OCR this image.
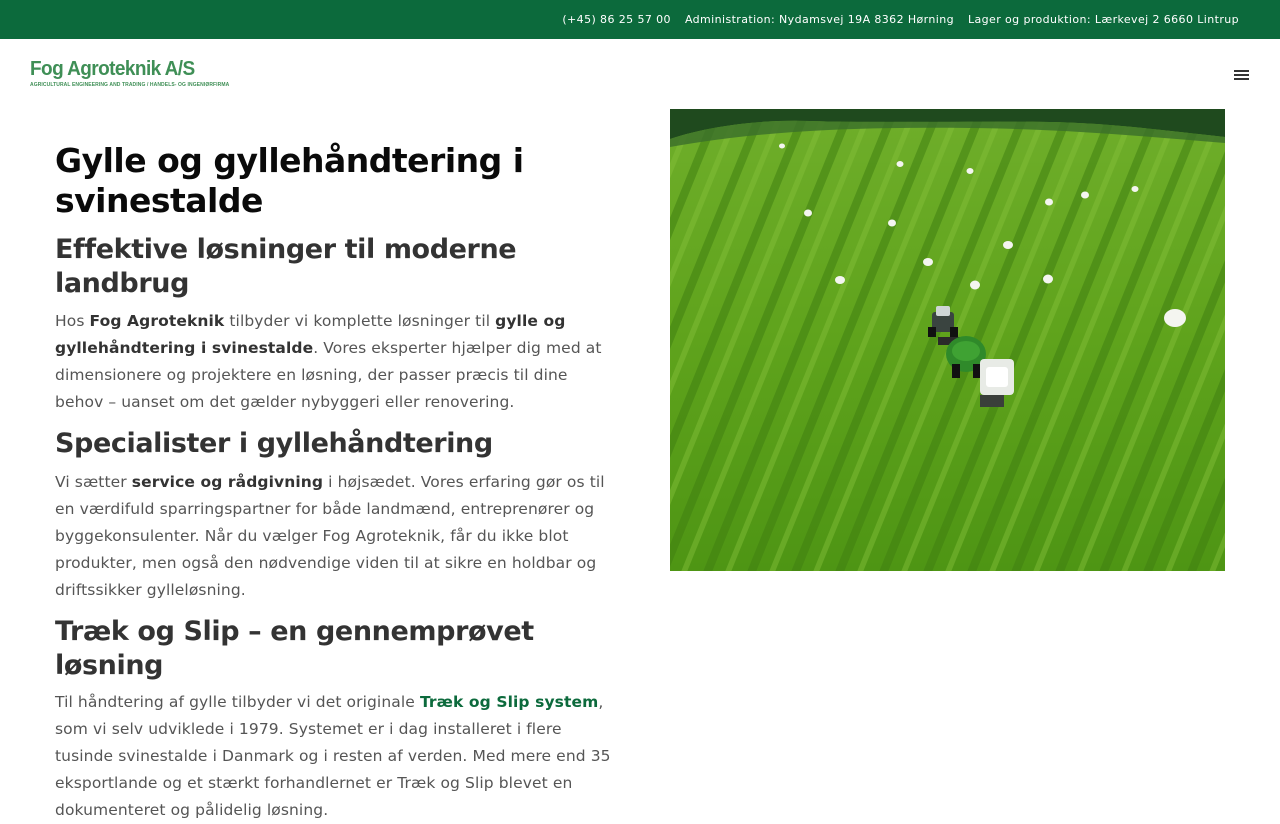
(+45) 86 25 57 00 Administration: Nydamsvej 19A 8362 Hørning Lager og produktion: Lærkevej 2 6660 Lintrup
Fog Agroteknik A/S
AGRICULTURAL ENGINEERING AND TRADING / HANDELS- OG INGENIØRFIRMA
Gylle og gyllehåndtering i svinestalde
Effektive løsninger til moderne landbrug

Hos Fog Agroteknik tilbyder vi komplette løsninger til gylle og gyllehåndtering i svinestalde. Vores eksperter hjælper dig med at dimensionere og projektere en løsning, der passer præcis til dine behov – uanset om det gælder nybyggeri eller renovering.

Specialister i gyllehåndtering

Vi sætter service og rådgivning i højsædet. Vores erfaring gør os til en værdifuld sparringspartner for både landmænd, entreprenører og byggekonsulenter. Når du vælger Fog Agroteknik, får du ikke blot produkter, men også den nødvendige viden til at sikre en holdbar og driftssikker gylleløsning.

Træk og Slip – en gennemprøvet løsning

Til håndtering af gylle tilbyder vi det originale Træk og Slip system, som vi selv udviklede i 1979. Systemet er i dag installeret i flere tusinde svinestalde i Danmark og i resten af verden. Med mere end 35 eksportlande og et stærkt forhandlernet er Træk og Slip blevet en dokumenteret og pålidelig løsning.
